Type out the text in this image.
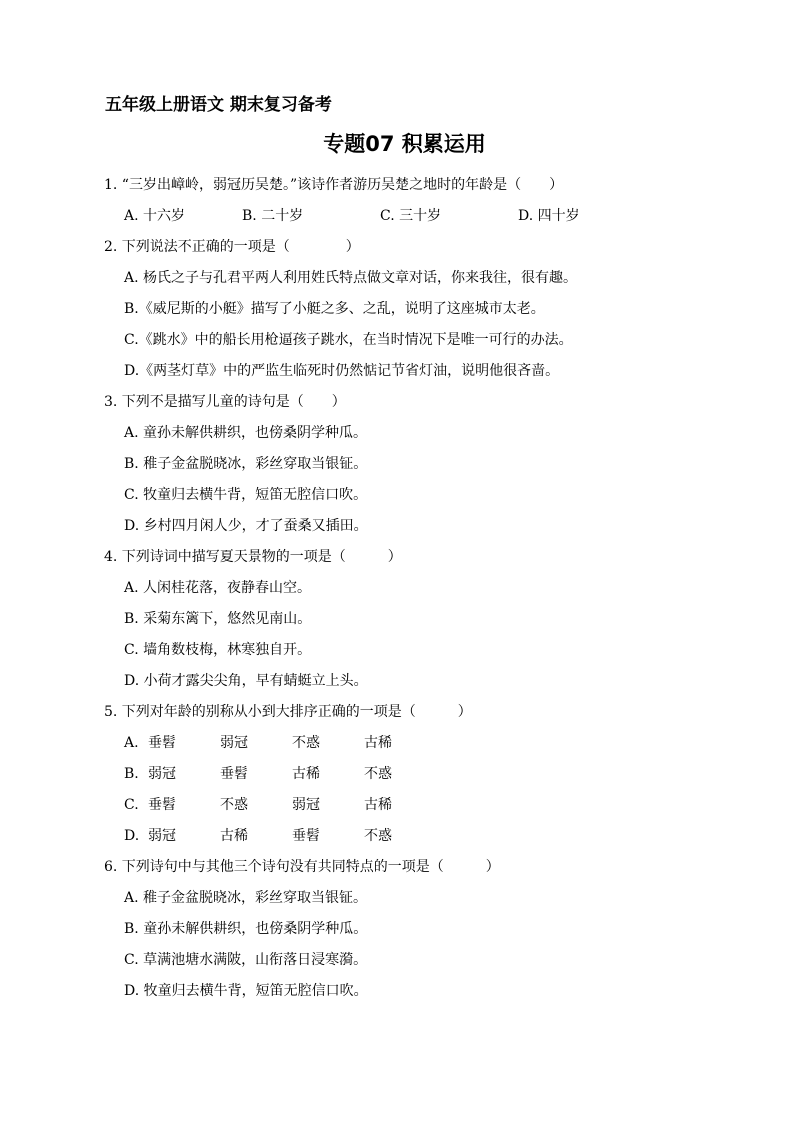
五年级上册语文 期末复习备考
专题07 积累运用
1. “三岁出嶂岭，弱冠历吴楚。”该诗作者游历吴楚之地时的年龄是（　　）
A. 十六岁	B. 二十岁	C. 三十岁	D. 四十岁
2. 下列说法不正确的一项是（　　　　）
A. 杨氏之子与孔君平两人利用姓氏特点做文章对话，你来我往，很有趣。
B.《威尼斯的小艇》描写了小艇之多、之乱，说明了这座城市太老。
C.《跳水》中的船长用枪逼孩子跳水，在当时情况下是唯一可行的办法。
D.《两茎灯草》中的严监生临死时仍然惦记节省灯油，说明他很吝啬。
3. 下列不是描写儿童的诗句是（　　）
A. 童孙未解供耕织，也傍桑阴学种瓜。
B. 稚子金盆脱晓冰，彩丝穿取当银钲。
C. 牧童归去横牛背，短笛无腔信口吹。
D. 乡村四月闲人少，才了蚕桑又插田。
4. 下列诗词中描写夏天景物的一项是（　　　）
A. 人闲桂花落，夜静春山空。
B. 采菊东篱下，悠然见南山。
C. 墙角数枝梅，林寒独自开。
D. 小荷才露尖尖角，早有蜻蜓立上头。
5. 下列对年龄的别称从小到大排序正确的一项是（　　　）
A. 垂髫	弱冠	不惑	古稀
B. 弱冠	垂髫	古稀	不惑
C. 垂髫	不惑	弱冠	古稀
D. 弱冠	古稀	垂髫	不惑
6. 下列诗句中与其他三个诗句没有共同特点的一项是（　　　）
A. 稚子金盆脱晓冰，彩丝穿取当银钲。
B. 童孙未解供耕织，也傍桑阴学种瓜。
C. 草满池塘水满陂，山衔落日浸寒漪。
D. 牧童归去横牛背，短笛无腔信口吹。
